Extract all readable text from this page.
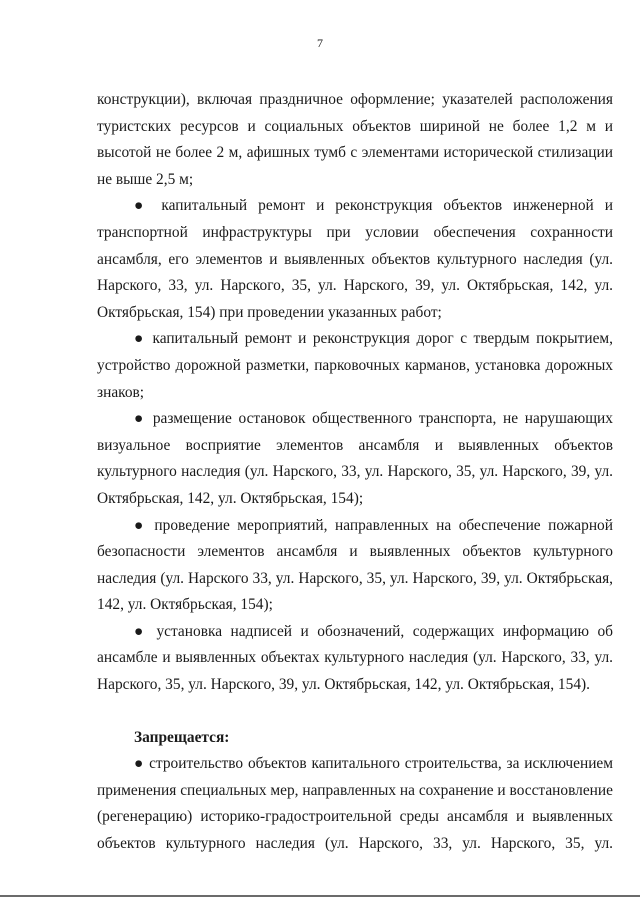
7

конструкции), включая праздничное оформление; указателей расположения туристских ресурсов и социальных объектов шириной не более 1,2 м и высотой не более 2 м, афишных тумб с элементами исторической стилизации не выше 2,5 м;

● капитальный ремонт и реконструкция объектов инженерной и транспортной инфраструктуры при условии обеспечения сохранности ансамбля, его элементов и выявленных объектов культурного наследия (ул. Нарского, 33, ул. Нарского, 35, ул. Нарского, 39, ул. Октябрьская, 142, ул. Октябрьская, 154) при проведении указанных работ;

● капитальный ремонт и реконструкция дорог с твердым покрытием, устройство дорожной разметки, парковочных карманов, установка дорожных знаков;

● размещение остановок общественного транспорта, не нарушающих визуальное восприятие элементов ансамбля и выявленных объектов культурного наследия (ул. Нарского, 33, ул. Нарского, 35, ул. Нарского, 39, ул. Октябрьская, 142, ул. Октябрьская, 154);

● проведение мероприятий, направленных на обеспечение пожарной безопасности элементов ансамбля и выявленных объектов культурного наследия (ул. Нарского 33, ул. Нарского, 35, ул. Нарского, 39, ул. Октябрьская, 142, ул. Октябрьская, 154);

● установка надписей и обозначений, содержащих информацию об ансамбле и выявленных объектах культурного наследия (ул. Нарского, 33, ул. Нарского, 35, ул. Нарского, 39, ул. Октябрьская, 142, ул. Октябрьская, 154).

Запрещается:

● строительство объектов капитального строительства, за исключением применения специальных мер, направленных на сохранение и восстановление (регенерацию) историко-градостроительной среды ансамбля и выявленных объектов культурного наследия (ул. Нарского, 33, ул. Нарского, 35, ул.
